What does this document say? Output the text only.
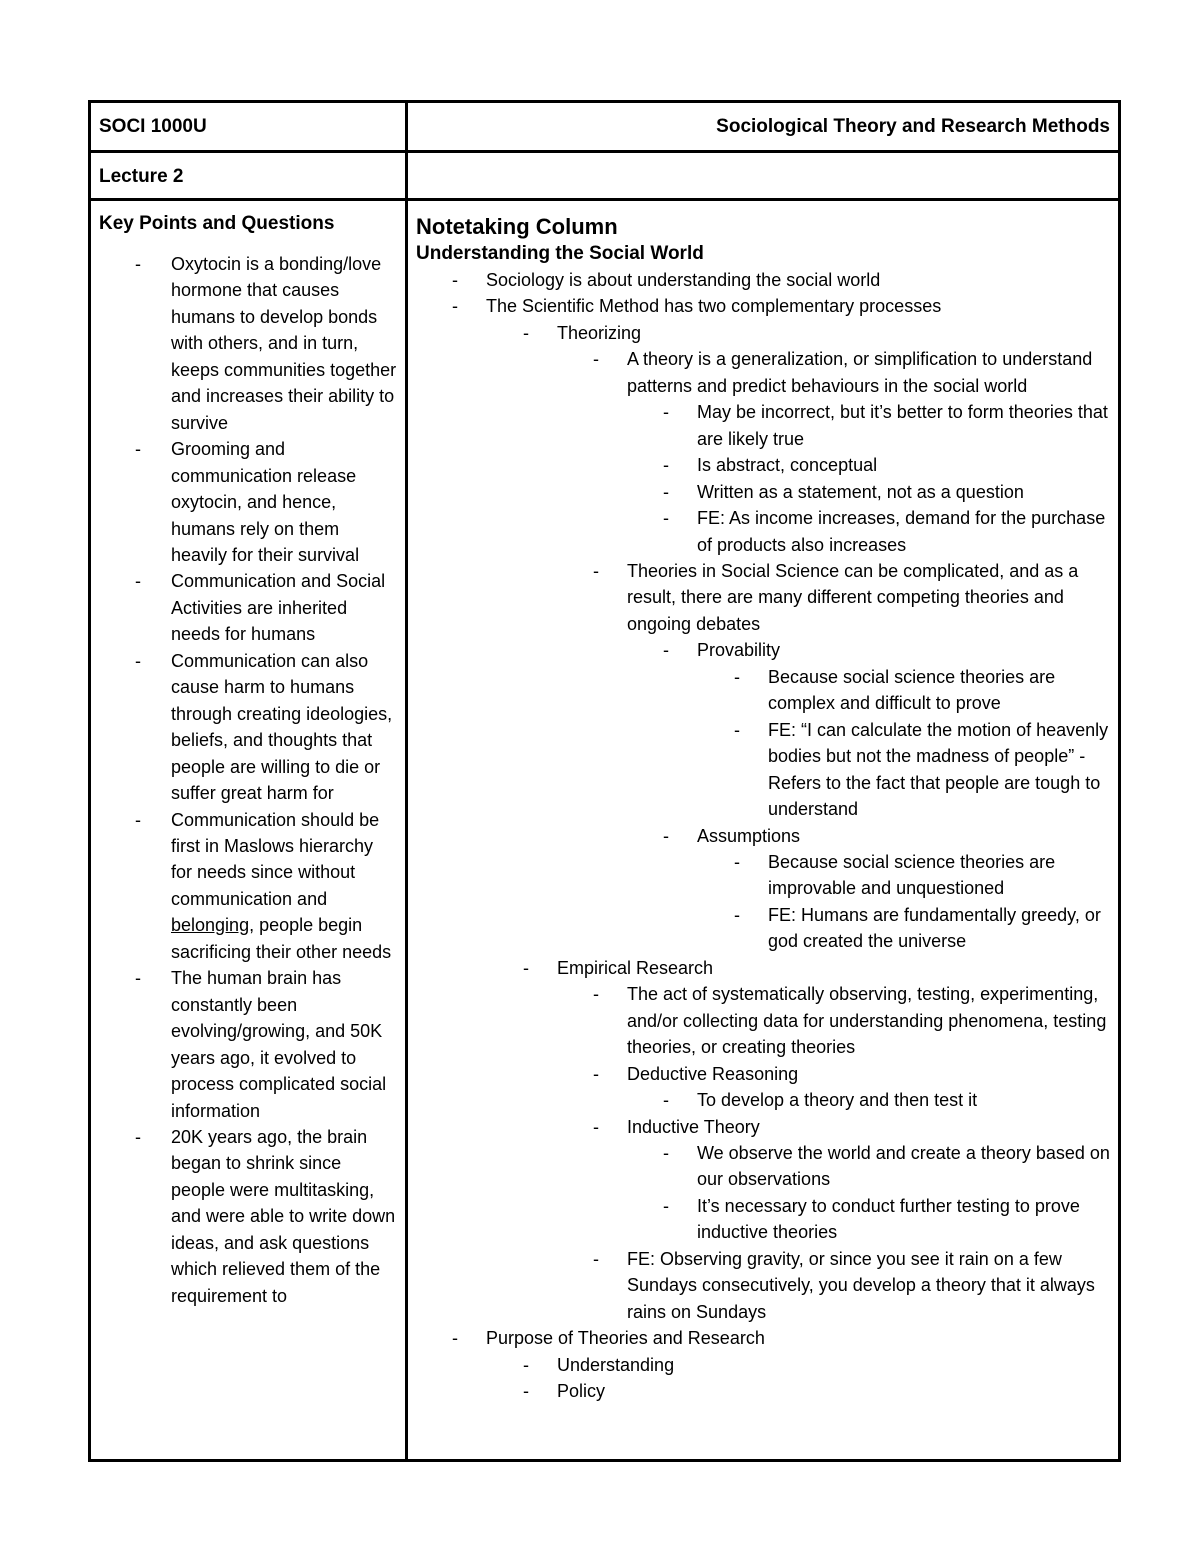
SOCI 1000U	Sociological Theory and Research Methods
Lecture 2
Key Points and Questions
- Oxytocin is a bonding/love hormone that causes humans to develop bonds with others, and in turn, keeps communities together and increases their ability to survive
- Grooming and communication release oxytocin, and hence, humans rely on them heavily for their survival
- Communication and Social Activities are inherited needs for humans
- Communication can also cause harm to humans through creating ideologies, beliefs, and thoughts that people are willing to die or suffer great harm for
- Communication should be first in Maslows hierarchy for needs since without communication and belonging, people begin sacrificing their other needs
- The human brain has constantly been evolving/growing, and 50K years ago, it evolved to process complicated social information
- 20K years ago, the brain began to shrink since people were multitasking, and were able to write down ideas, and ask questions which relieved them of the requirement to
Notetaking Column
Understanding the Social World
- Sociology is about understanding the social world
- The Scientific Method has two complementary processes
- Theorizing
- A theory is a generalization, or simplification to understand patterns and predict behaviours in the social world
- May be incorrect, but it’s better to form theories that are likely true
- Is abstract, conceptual
- Written as a statement, not as a question
- FE: As income increases, demand for the purchase of products also increases
- Theories in Social Science can be complicated, and as a result, there are many different competing theories and ongoing debates
- Provability
- Because social science theories are complex and difficult to prove
- FE: “I can calculate the motion of heavenly bodies but not the madness of people” - Refers to the fact that people are tough to understand
- Assumptions
- Because social science theories are improvable and unquestioned
- FE: Humans are fundamentally greedy, or god created the universe
- Empirical Research
- The act of systematically observing, testing, experimenting, and/or collecting data for understanding phenomena, testing theories, or creating theories
- Deductive Reasoning
- To develop a theory and then test it
- Inductive Theory
- We observe the world and create a theory based on our observations
- It’s necessary to conduct further testing to prove inductive theories
- FE: Observing gravity, or since you see it rain on a few Sundays consecutively, you develop a theory that it always rains on Sundays
- Purpose of Theories and Research
- Understanding
- Policy
